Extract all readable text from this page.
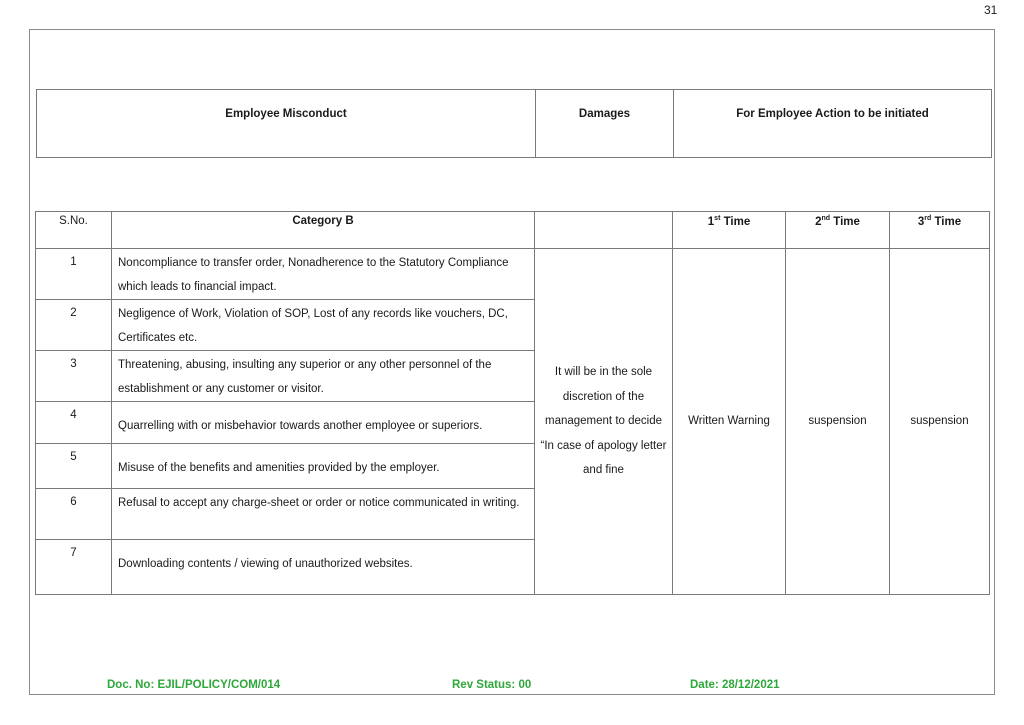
31
Employee Misconduct	Damages	For Employee Action to be initiated
S.No.	Category B		1st Time	2nd Time	3rd Time
1	Noncompliance to transfer order, Nonadherence to the Statutory Compliance which leads to financial impact.	It will be in the sole discretion of the management to decide “In case of apology letter and fine	Written Warning	suspension	suspension
2	Negligence of Work, Violation of SOP, Lost of any records like vouchers, DC, Certificates etc.				
3	Threatening, abusing, insulting any superior or any other personnel of the establishment or any customer or visitor.				
4	Quarrelling with or misbehavior towards another employee or superiors.				
5	Misuse of the benefits and amenities provided by the employer.				
6	Refusal to accept any charge-sheet or order or notice communicated in writing.				
7	Downloading contents / viewing of unauthorized websites.				
Doc. No: EJIL/POLICY/COM/014	Rev Status: 00	Date: 28/12/2021
